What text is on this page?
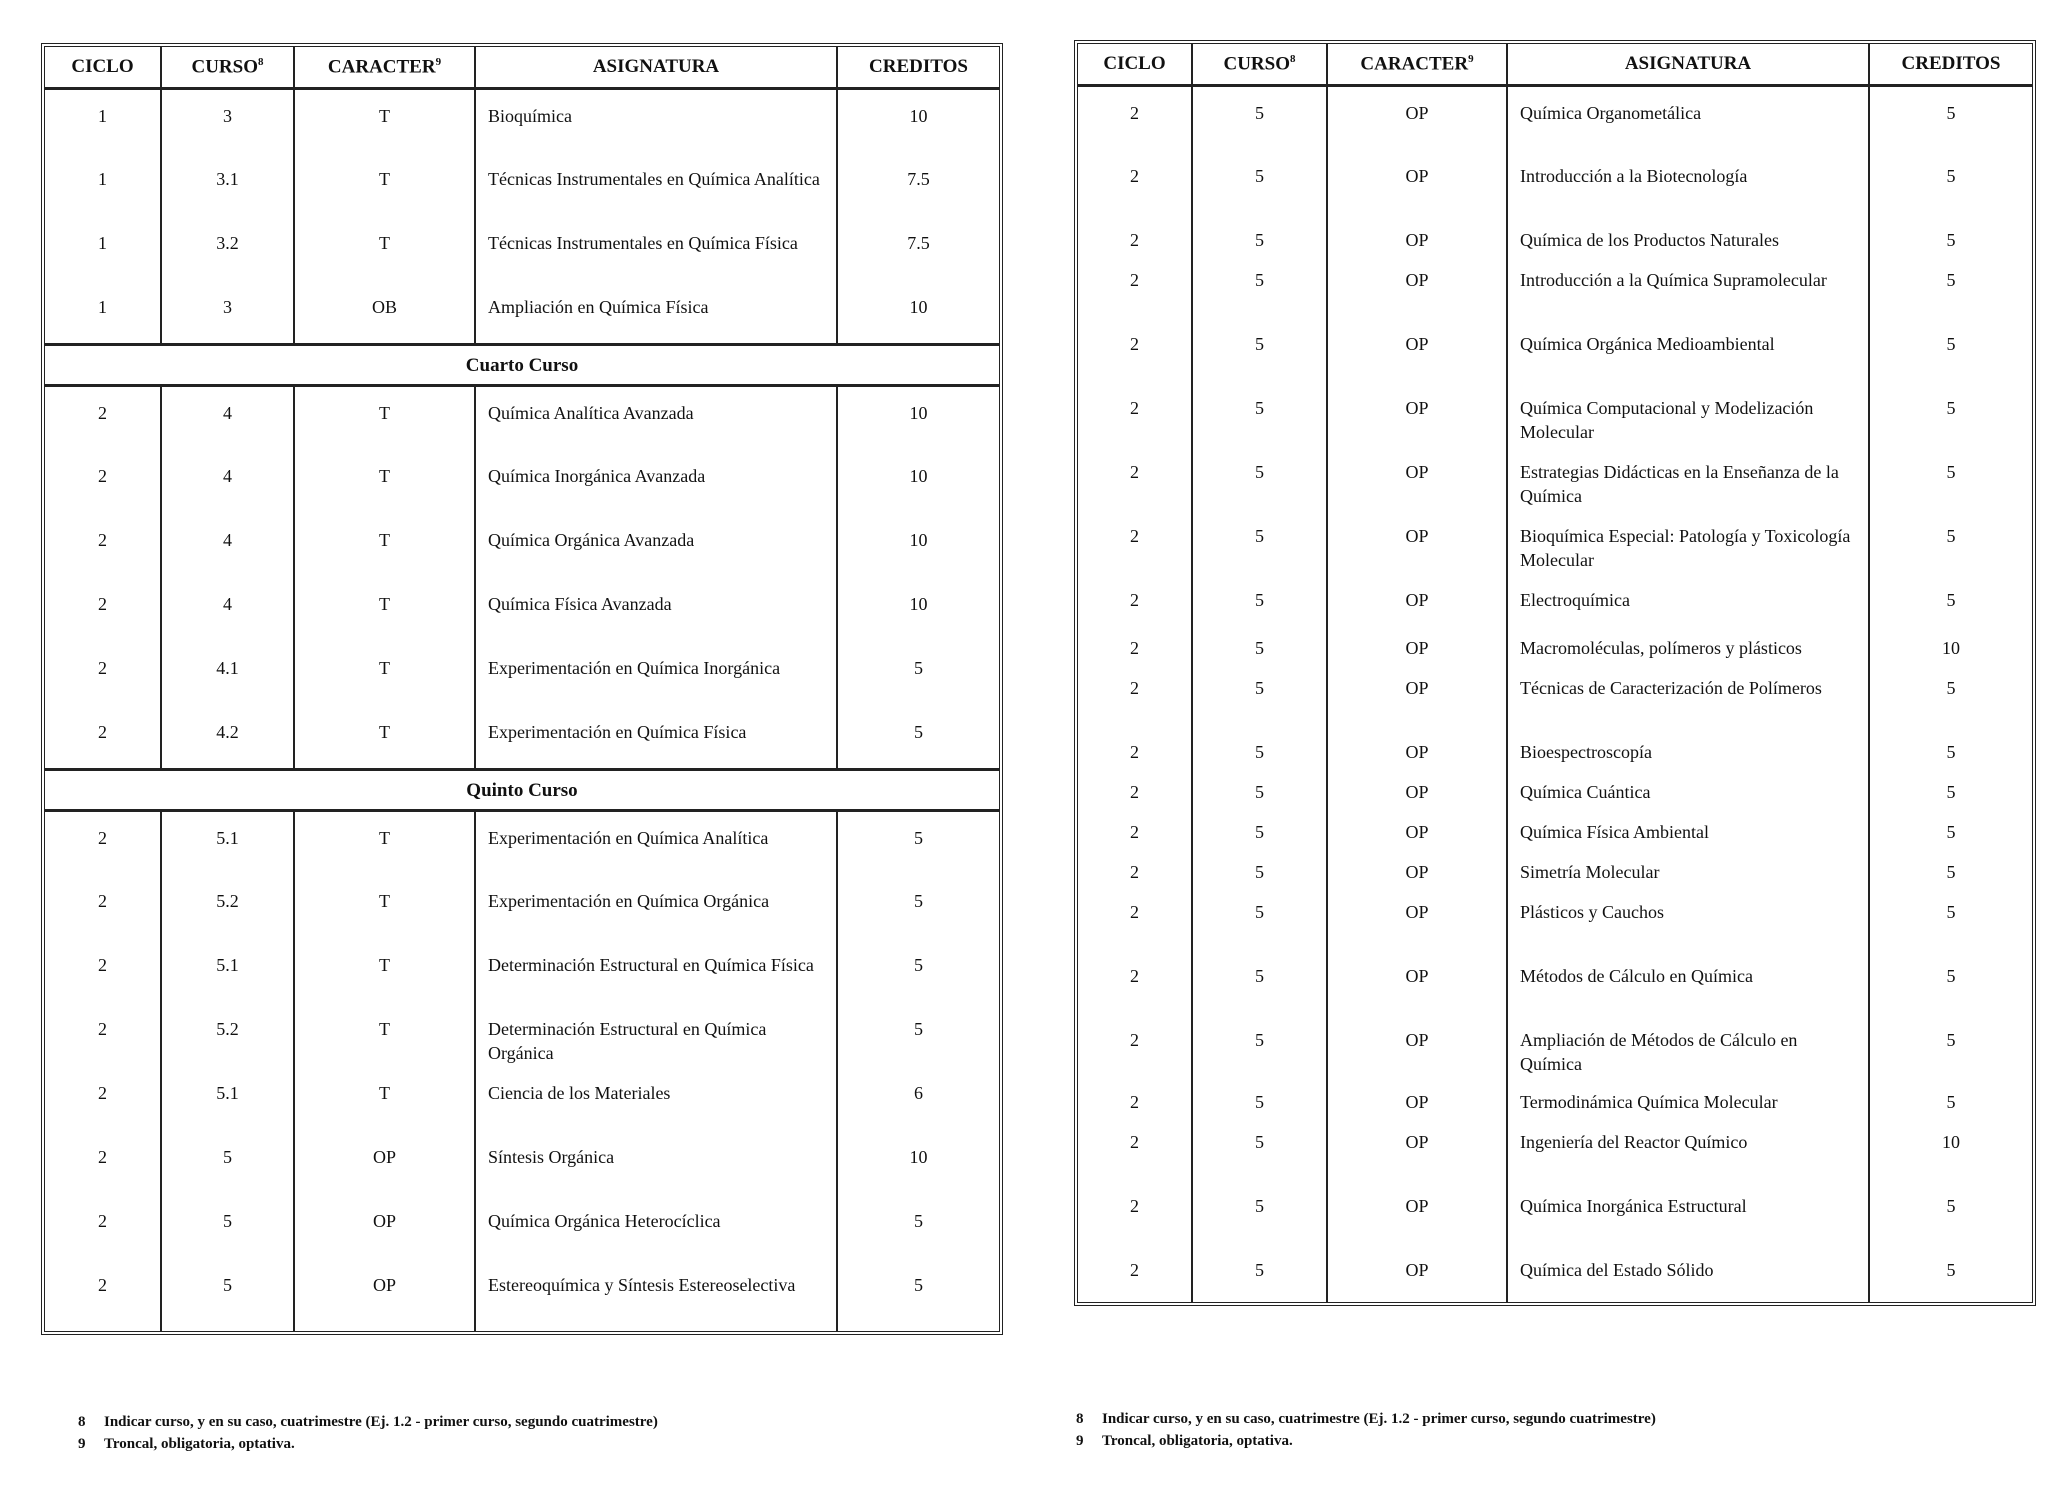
CICLO	CURSO$^8$	CARACTER$^9$	ASIGNATURA	CREDITOS
1	3	T	Bioquímica	10
1	3.1	T	Técnicas Instrumentales en Química Analítica	7.5
1	3.2	T	Técnicas Instrumentales en Química Física	7.5
1	3	OB	Ampliación en Química Física	10
Cuarto Curso				
2	4	T	Química Analítica Avanzada	10
2	4	T	Química Inorgánica Avanzada	10
2	4	T	Química Orgánica Avanzada	10
2	4	T	Química Física Avanzada	10
2	4.1	T	Experimentación en Química Inorgánica	5
2	4.2	T	Experimentación en Química Física	5
Quinto Curso				
2	5.1	T	Experimentación en Química Analítica	5
2	5.2	T	Experimentación en Química Orgánica	5
2	5.1	T	Determinación Estructural en Química Física	5
2	5.2	T	Determinación Estructural en Química Orgánica	5
2	5.1	T	Ciencia de los Materiales	6
2	5	OP	Síntesis Orgánica	10
2	5	OP	Química Orgánica Heterocíclica	5
2	5	OP	Estereoquímica y Síntesis Estereoselectiva	5
CICLO	CURSO$^8$	CARACTER$^9$	ASIGNATURA	CREDITOS
2	5	OP	Química Organometálica	5
2	5	OP	Introducción a la Biotecnología	5
2	5	OP	Química de los Productos Naturales	5
2	5	OP	Introducción a la Química Supramolecular	5
2	5	OP	Química Orgánica Medioambiental	5
2	5	OP	Química Computacional y Modelización Molecular	5
2	5	OP	Estrategias Didácticas en la Enseñanza de la Química	5
2	5	OP	Bioquímica Especial: Patología y Toxicología Molecular	5
2	5	OP	Electroquímica	5
2	5	OP	Macromoléculas, polímeros y plásticos	10
2	5	OP	Técnicas de Caracterización de Polímeros	5
2	5	OP	Bioespectroscopía	5
2	5	OP	Química Cuántica	5
2	5	OP	Química Física Ambiental	5
2	5	OP	Simetría Molecular	5
2	5	OP	Plásticos y Cauchos	5
2	5	OP	Métodos de Cálculo en Química	5
2	5	OP	Ampliación de Métodos de Cálculo en Química	5
2	5	OP	Termodinámica Química Molecular	5
2	5	OP	Ingeniería del Reactor Químico	10
2	5	OP	Química Inorgánica Estructural	5
2	5	OP	Química del Estado Sólido	5
8 Indicar curso, y en su caso, cuatrimestre (Ej. 1.2 - primer curso, segundo cuatrimestre)
9 Troncal, obligatoria, optativa.
8 Indicar curso, y en su caso, cuatrimestre (Ej. 1.2 - primer curso, segundo cuatrimestre)
9 Troncal, obligatoria, optativa.
